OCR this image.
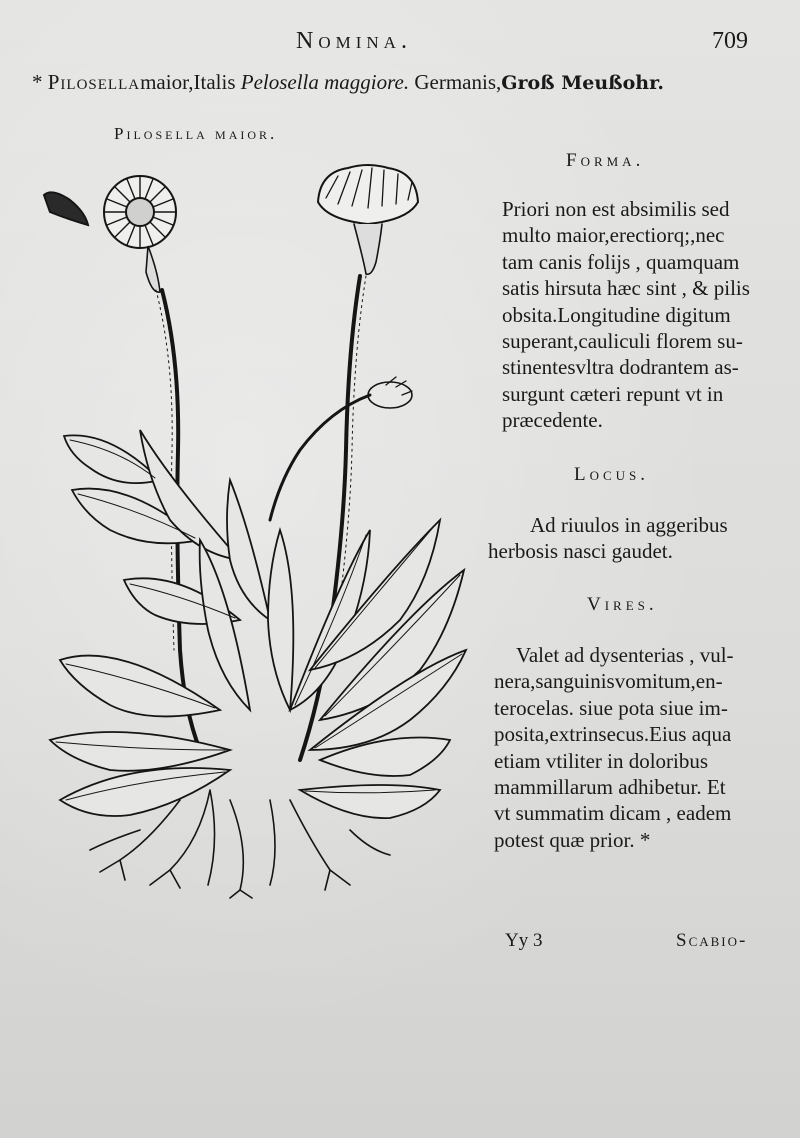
Nomina.	709
* Pilosellamaior,Italis Pelosella maggiore. Germanis,Groß Meußohr.
Pilosella maior.
Forma.
Priori non est absimilis sed
multo maior,erectiorq;,nec
tam canis folijs , quamquam
satis hirsuta hæc sint , & pilis
obsita.Longitudine digitum
superant,cauliculi florem su-
stinentesvltra dodrantem as-
surgunt cæteri repunt vt in
præcedente.
Locus.
Ad riuulos in aggeribus
herbosis nasci gaudet.
Vires.
Valet ad dysenterias , vul-
nera,sanguinisvomitum,en-
terocelas. siue pota siue im-
posita,extrinsecus.Eius aqua
etiam vtiliter in doloribus
mammillarum adhibetur. Et
vt summatim dicam , eadem
potest quæ prior. *
Yy 3	Scabio-
